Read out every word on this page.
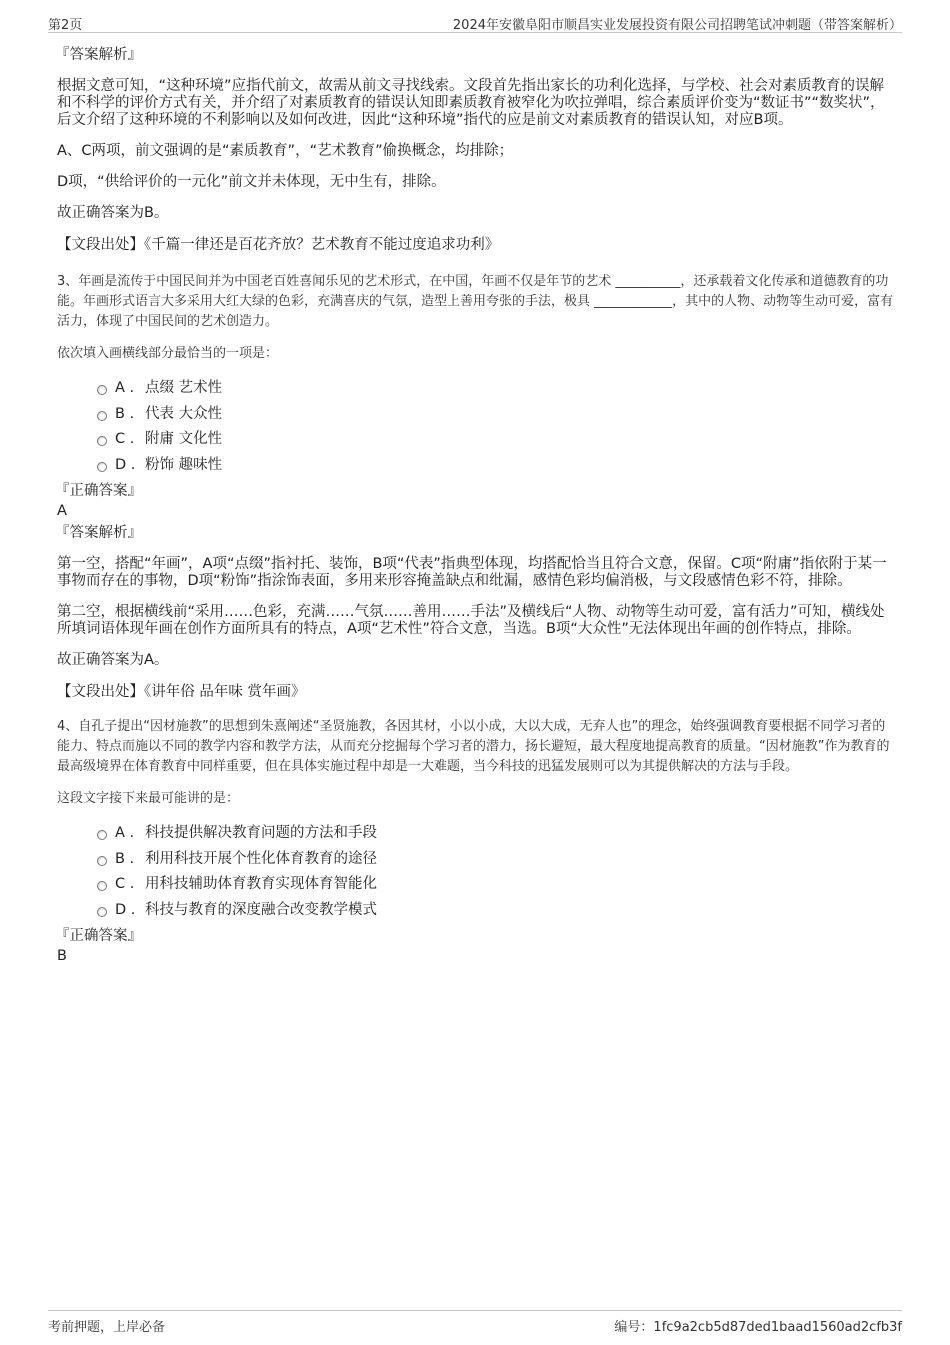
第2页	2024年安徽阜阳市顺昌实业发展投资有限公司招聘笔试冲刺题（带答案解析）

『答案解析』

根据文意可知，“这种环境”应指代前文，故需从前文寻找线索。文段首先指出家长的功利化选择，与学校、社会对素质教育的误解和不科学的评价方式有关，并介绍了对素质教育的错误认知即素质教育被窄化为吹拉弹唱，综合素质评价变为“数证书”“数奖状”，后文介绍了这种环境的不利影响以及如何改进，因此“这种环境”指代的应是前文对素质教育的错误认知，对应B项。

A、C两项，前文强调的是“素质教育”，“艺术教育”偷换概念，均排除；

D项，“供给评价的一元化”前文并未体现，无中生有，排除。

故正确答案为B。

【文段出处】《千篇一律还是百花齐放？艺术教育不能过度追求功利》

3、年画是流传于中国民间并为中国老百姓喜闻乐见的艺术形式，在中国，年画不仅是年节的艺术 __________，还承载着文化传承和道德教育的功能。年画形式语言大多采用大红大绿的色彩，充满喜庆的气氛，造型上善用夸张的手法，极具 ____________，其中的人物、动物等生动可爱，富有活力，体现了中国民间的艺术创造力。

依次填入画横线部分最恰当的一项是：

A . 点缀 艺术性
B . 代表 大众性
C . 附庸 文化性
D . 粉饰 趣味性

『正确答案』

A

『答案解析』

第一空，搭配“年画”，A项“点缀”指衬托、装饰，B项“代表”指典型体现，均搭配恰当且符合文意，保留。C项“附庸”指依附于某一事物而存在的事物，D项“粉饰”指涂饰表面，多用来形容掩盖缺点和纰漏，感情色彩均偏消极，与文段感情色彩不符，排除。

第二空，根据横线前“采用……色彩，充满……气氛……善用……手法”及横线后“人物、动物等生动可爱，富有活力”可知，横线处所填词语体现年画在创作方面所具有的特点，A项“艺术性”符合文意，当选。B项“大众性”无法体现出年画的创作特点，排除。

故正确答案为A。

【文段出处】《讲年俗 品年味 赏年画》

4、自孔子提出“因材施教”的思想到朱熹阐述“圣贤施教，各因其材，小以小成，大以大成，无弃人也”的理念，始终强调教育要根据不同学习者的能力、特点而施以不同的教学内容和教学方法，从而充分挖掘每个学习者的潜力，扬长避短，最大程度地提高教育的质量。“因材施教”作为教育的最高级境界在体育教育中同样重要，但在具体实施过程中却是一大难题，当今科技的迅猛发展则可以为其提供解决的方法与手段。

这段文字接下来最可能讲的是：

A . 科技提供解决教育问题的方法和手段
B . 利用科技开展个性化体育教育的途径
C . 用科技辅助体育教育实现体育智能化
D . 科技与教育的深度融合改变教学模式

『正确答案』

B

考前押题，上岸必备	编号：1fc9a2cb5d87ded1baad1560ad2cfb3f
